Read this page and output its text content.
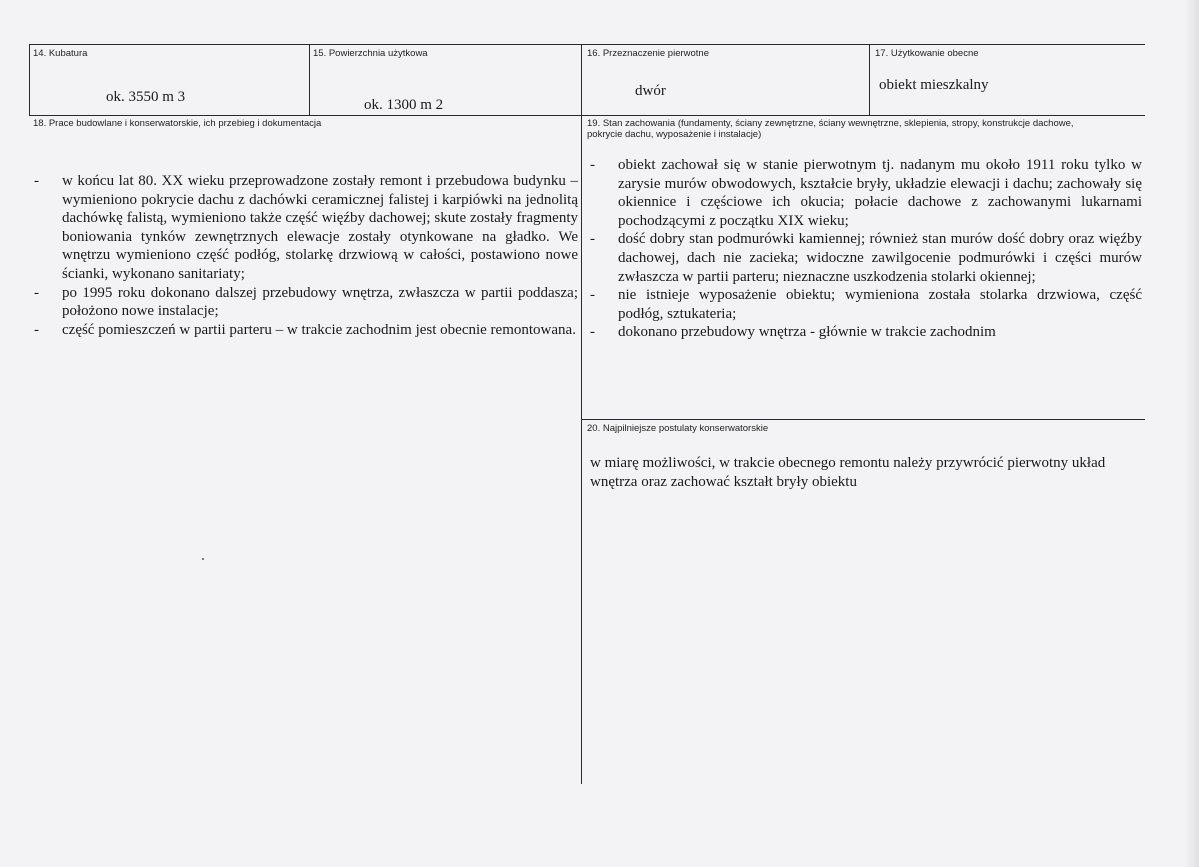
14. Kubatura
ok. 3550 m 3
15. Powierzchnia użytkowa
ok. 1300 m 2
16. Przeznaczenie pierwotne
dwór
17. Użytkowanie obecne
obiekt mieszkalny
18. Prace budowlane i konserwatorskie, ich przebieg i dokumentacja
-	w końcu lat 80. XX wieku przeprowadzone zostały remont i przebudowa budynku – wymieniono pokrycie dachu z dachówki ceramicznej falistej i karpiówki na jednolitą dachówkę falistą, wymieniono także część więźby dachowej; skute zostały fragmenty boniowania tynków zewnętrznych elewacje zostały otynkowane na gładko. We wnętrzu wymieniono część podłóg, stolarkę drzwiową w całości, postawiono nowe ścianki, wykonano sanitariaty;
-	po 1995 roku dokonano dalszej przebudowy wnętrza, zwłaszcza w partii poddasza; położono nowe instalacje;
-	część pomieszczeń w partii parteru – w trakcie zachodnim jest obecnie remontowana.
19. Stan zachowania (fundamenty, ściany zewnętrzne, ściany wewnętrzne, sklepienia, stropy, konstrukcje dachowe, pokrycie dachu, wyposażenie i instalacje)
-	obiekt zachował się w stanie pierwotnym tj. nadanym mu około 1911 roku tylko w zarysie murów obwodowych, kształcie bryły, układzie elewacji i dachu; zachowały się okiennice i częściowe ich okucia; połacie dachowe z zachowanymi lukarnami pochodzącymi z początku XIX wieku;
-	dość dobry stan podmurówki kamiennej; również stan murów dość dobry oraz więźby dachowej, dach nie zacieka; widoczne zawilgocenie podmurówki i części murów zwłaszcza w partii parteru; nieznaczne uszkodzenia stolarki okiennej;
-	nie istnieje wyposażenie obiektu; wymieniona została stolarka drzwiowa, część podłóg, sztukateria;
-	dokonano przebudowy wnętrza - głównie w trakcie zachodnim
20. Najpilniejsze postulaty konserwatorskie
w miarę możliwości, w trakcie obecnego remontu należy przywrócić pierwotny układ wnętrza oraz zachować kształt bryły obiektu
